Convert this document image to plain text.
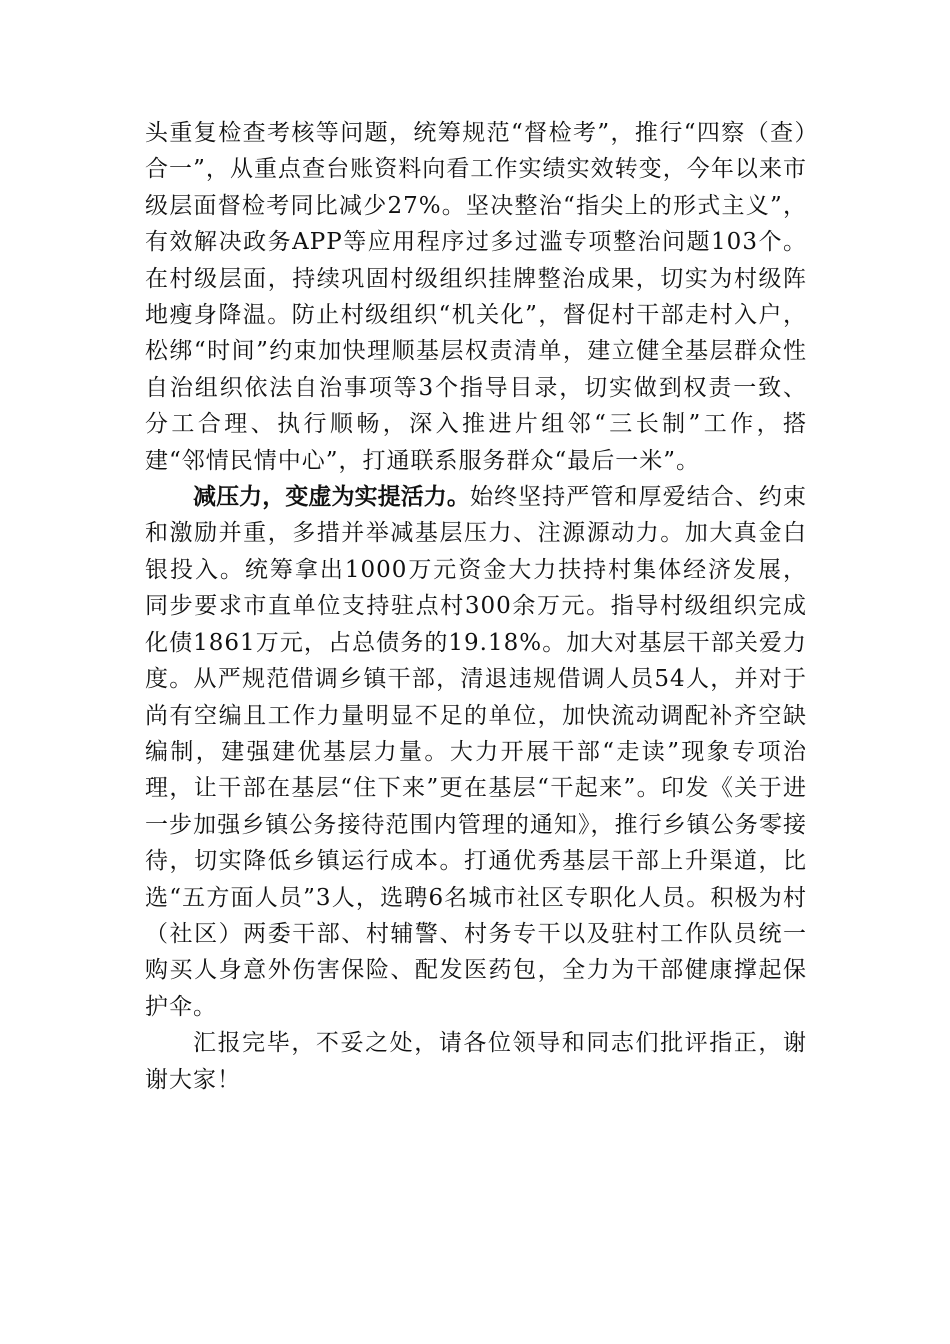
头重复检查考核等问题，统筹规范“督检考”，推行“四察（查）合一”，从重点查台账资料向看工作实绩实效转变，今年以来市级层面督检考同比减少27%。坚决整治“指尖上的形式主义”，有效解决政务APP等应用程序过多过滥专项整治问题103个。在村级层面，持续巩固村级组织挂牌整治成果，切实为村级阵地瘦身降温。防止村级组织“机关化”，督促村干部走村入户，松绑“时间”约束加快理顺基层权责清单，建立健全基层群众性自治组织依法自治事项等3个指导目录，切实做到权责一致、分工合理、执行顺畅，深入推进片组邻“三长制”工作，搭建“邻情民情中心”，打通联系服务群众“最后一米”。

减压力，变虚为实提活力。始终坚持严管和厚爱结合、约束和激励并重，多措并举减基层压力、注源源动力。加大真金白银投入。统筹拿出1000万元资金大力扶持村集体经济发展，同步要求市直单位支持驻点村300余万元。指导村级组织完成化债1861万元，占总债务的19.18%。加大对基层干部关爱力度。从严规范借调乡镇干部，清退违规借调人员54人，并对于尚有空编且工作力量明显不足的单位，加快流动调配补齐空缺编制，建强建优基层力量。大力开展干部“走读”现象专项治理，让干部在基层“住下来”更在基层“干起来”。印发《关于进一步加强乡镇公务接待范围内管理的通知》，推行乡镇公务零接待，切实降低乡镇运行成本。打通优秀基层干部上升渠道，比选“五方面人员”3人，选聘6名城市社区专职化人员。积极为村（社区）两委干部、村辅警、村务专干以及驻村工作队员统一购买人身意外伤害保险、配发医药包，全力为干部健康撑起保护伞。

汇报完毕，不妥之处，请各位领导和同志们批评指正，谢谢大家！
